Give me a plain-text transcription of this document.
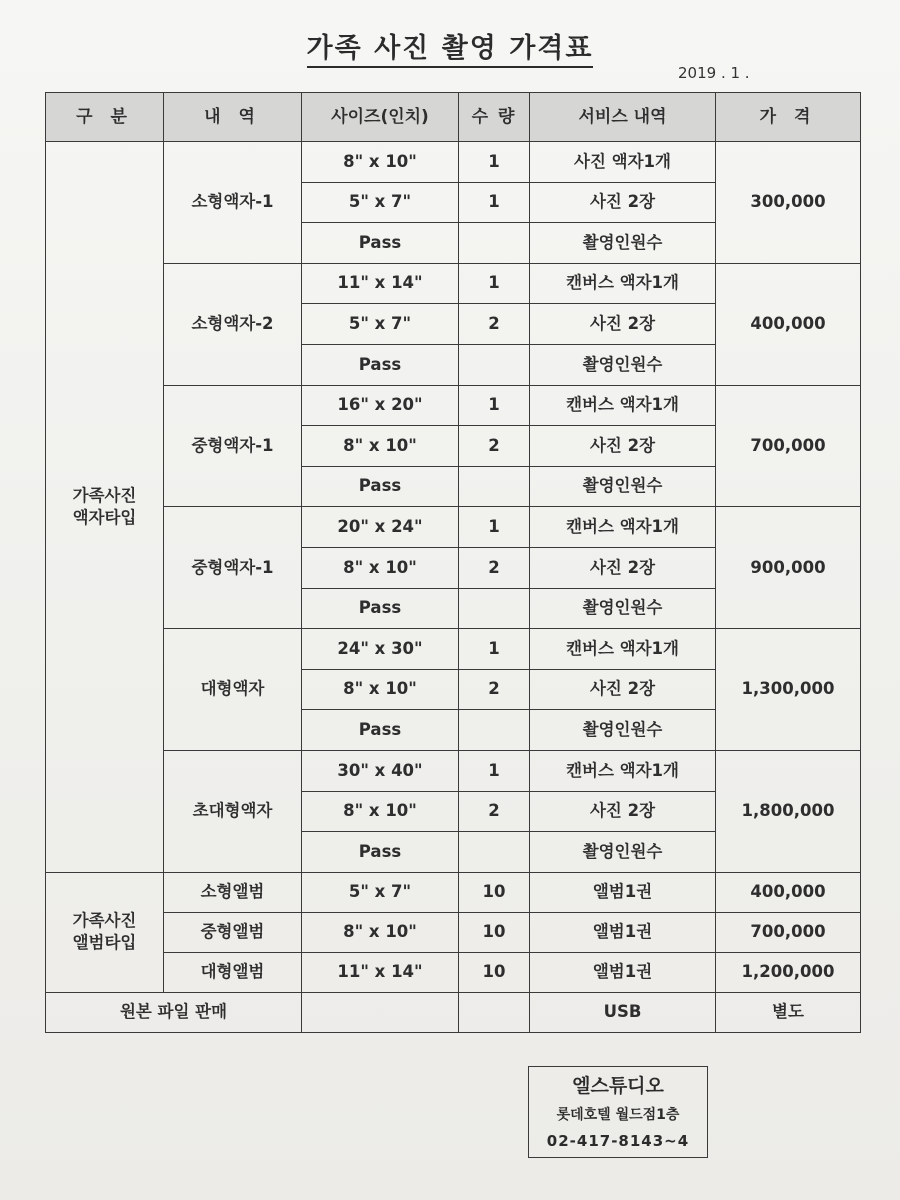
가족 사진 촬영 가격표
2019 . 1 .
구 분	내 역	사이즈(인치)	수 량	서비스 내역	가 격

가족사진
액자타입	소형액자-1	8" x 10"	1	사진 액자1개	300,000
		5" x 7"	1	사진 2장	
		Pass		촬영인원수	
	소형액자-2	11" x 14"	1	캔버스 액자1개	400,000
		5" x 7"	2	사진 2장	
		Pass		촬영인원수	
	중형액자-1	16" x 20"	1	캔버스 액자1개	700,000
		8" x 10"	2	사진 2장	
		Pass		촬영인원수	
	중형액자-1	20" x 24"	1	캔버스 액자1개	900,000
		8" x 10"	2	사진 2장	
		Pass		촬영인원수	
	대형액자	24" x 30"	1	캔버스 액자1개	1,300,000
		8" x 10"	2	사진 2장	
		Pass		촬영인원수	
	초대형액자	30" x 40"	1	캔버스 액자1개	1,800,000
		8" x 10"	2	사진 2장	
		Pass		촬영인원수	

가족사진
앨범타입	소형앨범	5" x 7"	10	앨범1권	400,000
	중형앨범	8" x 10"	10	앨범1권	700,000
	대형앨범	11" x 14"	10	앨범1권	1,200,000
원본 파일 판매				USB	별도
엘스튜디오
롯데호텔 월드점1층
02-417-8143~4
